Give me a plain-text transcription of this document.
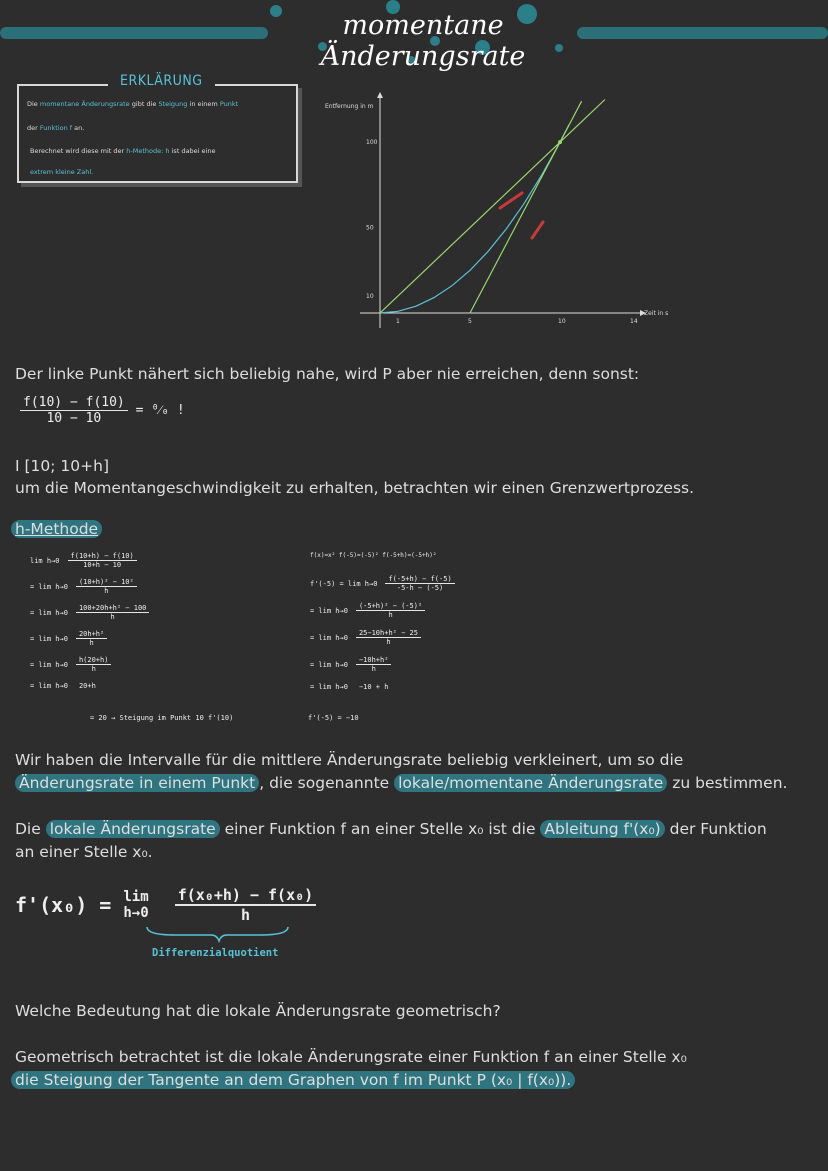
momentane Änderungsrate
ERKLÄRUNG
Die momentane Änderungsrate gibt die Steigung in einem Punkt
der Funktion f an.
Berechnet wird diese mit der h-Methode: h ist dabei eine
extrem kleine Zahl.
Entfernung in m
Zeit in s
1	5	10	14
10
50
100
Der linke Punkt nähert sich beliebig nahe, wird P aber nie erreichen, denn sonst:
$\frac{f(10) - f(10)}{10 - 10}$ = ⁰⁄₀ !
I [10; 10+h]
um die Momentangeschwindigkeit zu erhalten, betrachten wir einen Grenzwertprozess.
h-Methode
$\lim h\to 0 \frac{f(10+h) - f(10)}{10+h - 10}$
= $\lim h\to 0 \frac{\text{(10+h)² − 10²}}{h}$
= $\lim h\to 0 \frac{\text{100+20h+h² − 100}}{h}$
= $\lim h\to 0 \frac{\text{20h+h²}}{h}$
= $\lim h\to 0 \frac{h(20+h)}{h}$
= lim h→0	20+h
= 20 → Steigung im Punkt 10 f'(10)
f(x)=x² f(-5)=(-5)² f(-5+h)=(-5+h)²
$f'(-5) = \lim h\to 0 \frac{f(-5+h) - f(-5)}{-5-h - (-5)}$
= $\lim h\to 0 \frac{\text{(-5+h)² − (-5)²}}{h}$
= $\lim h\to 0 \frac{\text{25−10h+h² − 25}}{h}$
= $\lim h\to 0 \frac{\text{−10h+h²}}{h}$
= lim h→0	−10 + h
f'(-5) = −10
Wir haben die Intervalle für die mittlere Änderungsrate beliebig verkleinert, um so die
Änderungsrate in einem Punkt , die sogenannte lokale/momentane Änderungsrate zu bestimmen.
Die lokale Änderungsrate einer Funktion f an einer Stelle x₀ ist die Ableitung f'(x₀) der Funktion
an einer Stelle x₀.
f'(x₀) = lim
h→0
$\frac{\text{f(x₀+h) − f(x₀)}}{h}$
Differenzialquotient
Welche Bedeutung hat die lokale Änderungsrate geometrisch?
Geometrisch betrachtet ist die lokale Änderungsrate einer Funktion f an einer Stelle x₀
die Steigung der Tangente an dem Graphen von f im Punkt P (x₀ | f(x₀)).
